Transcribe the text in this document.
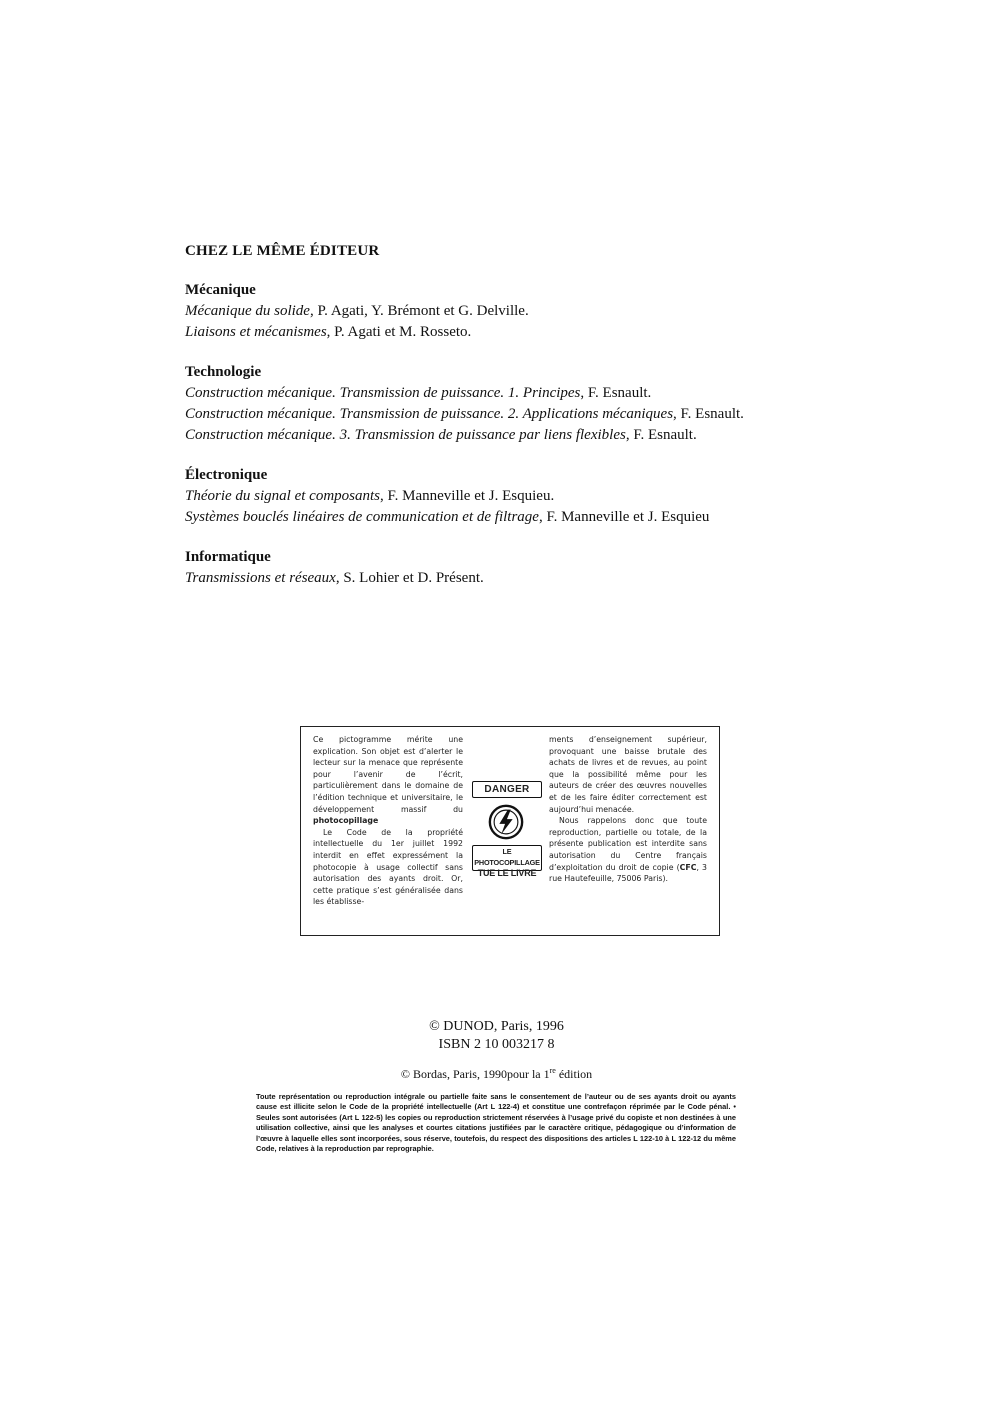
CHEZ LE MÊME ÉDITEUR
Mécanique
Mécanique du solide, P. Agati, Y. Brémont et G. Delville.
Liaisons et mécanismes, P. Agati et M. Rosseto.
Technologie
Construction mécanique. Transmission de puissance. 1. Principes, F. Esnault.
Construction mécanique. Transmission de puissance. 2. Applications mécaniques, F. Esnault.
Construction mécanique. 3. Transmission de puissance par liens flexibles, F. Esnault.
Électronique
Théorie du signal et composants, F. Manneville et J. Esquieu.
Systèmes bouclés linéaires de communication et de filtrage, F. Manneville et J. Esquieu
Informatique
Transmissions et réseaux, S. Lohier et D. Présent.

Ce pictogramme mérite une explication. Son objet est d’alerter le lecteur sur la menace que représente pour l’avenir de l’écrit, particulièrement dans le domaine de l’édition technique et universitaire, le développement massif du photocopillage

Le Code de la propriété intellectuelle du 1er juillet 1992 interdit en effet expressément la photocopie à usage collectif sans autorisation des ayants droit. Or, cette pratique s’est généralisée dans les établisse-

ments d’enseignement supérieur, provoquant une baisse brutale des achats de livres et de revues, au point que la possibilité même pour les auteurs de créer des œuvres nouvelles et de les faire éditer correctement est aujourd’hui menacée.

Nous rappelons donc que toute reproduction, partielle ou totale, de la présente publication est interdite sans autorisation du Centre français d’exploitation du droit de copie (CFC, 3 rue Hautefeuille, 75006 Paris).

DANGER
LE PHOTOCOPILLAGE
TUE LE LIVRE
© DUNOD, Paris, 1996
ISBN 2 10 003217 8
© Bordas, Paris, 1990pour la 1re édition
Toute représentation ou reproduction intégrale ou partielle faite sans le consentement de l’auteur ou de ses ayants droit ou ayants cause est illicite selon le Code de la propriété intellectuelle (Art L 122-4) et constitue une contrefaçon réprimée par le Code pénal. • Seules sont autorisées (Art L 122-5) les copies ou reproduction strictement réservées à l’usage privé du copiste et non destinées à une utilisation collective, ainsi que les analyses et courtes citations justifiées par le caractère critique, pédagogique ou d’information de l’œuvre à laquelle elles sont incorporées, sous réserve, toutefois, du respect des dispositions des articles L 122-10 à L 122-12 du même Code, relatives à la reproduction par reprographie.
